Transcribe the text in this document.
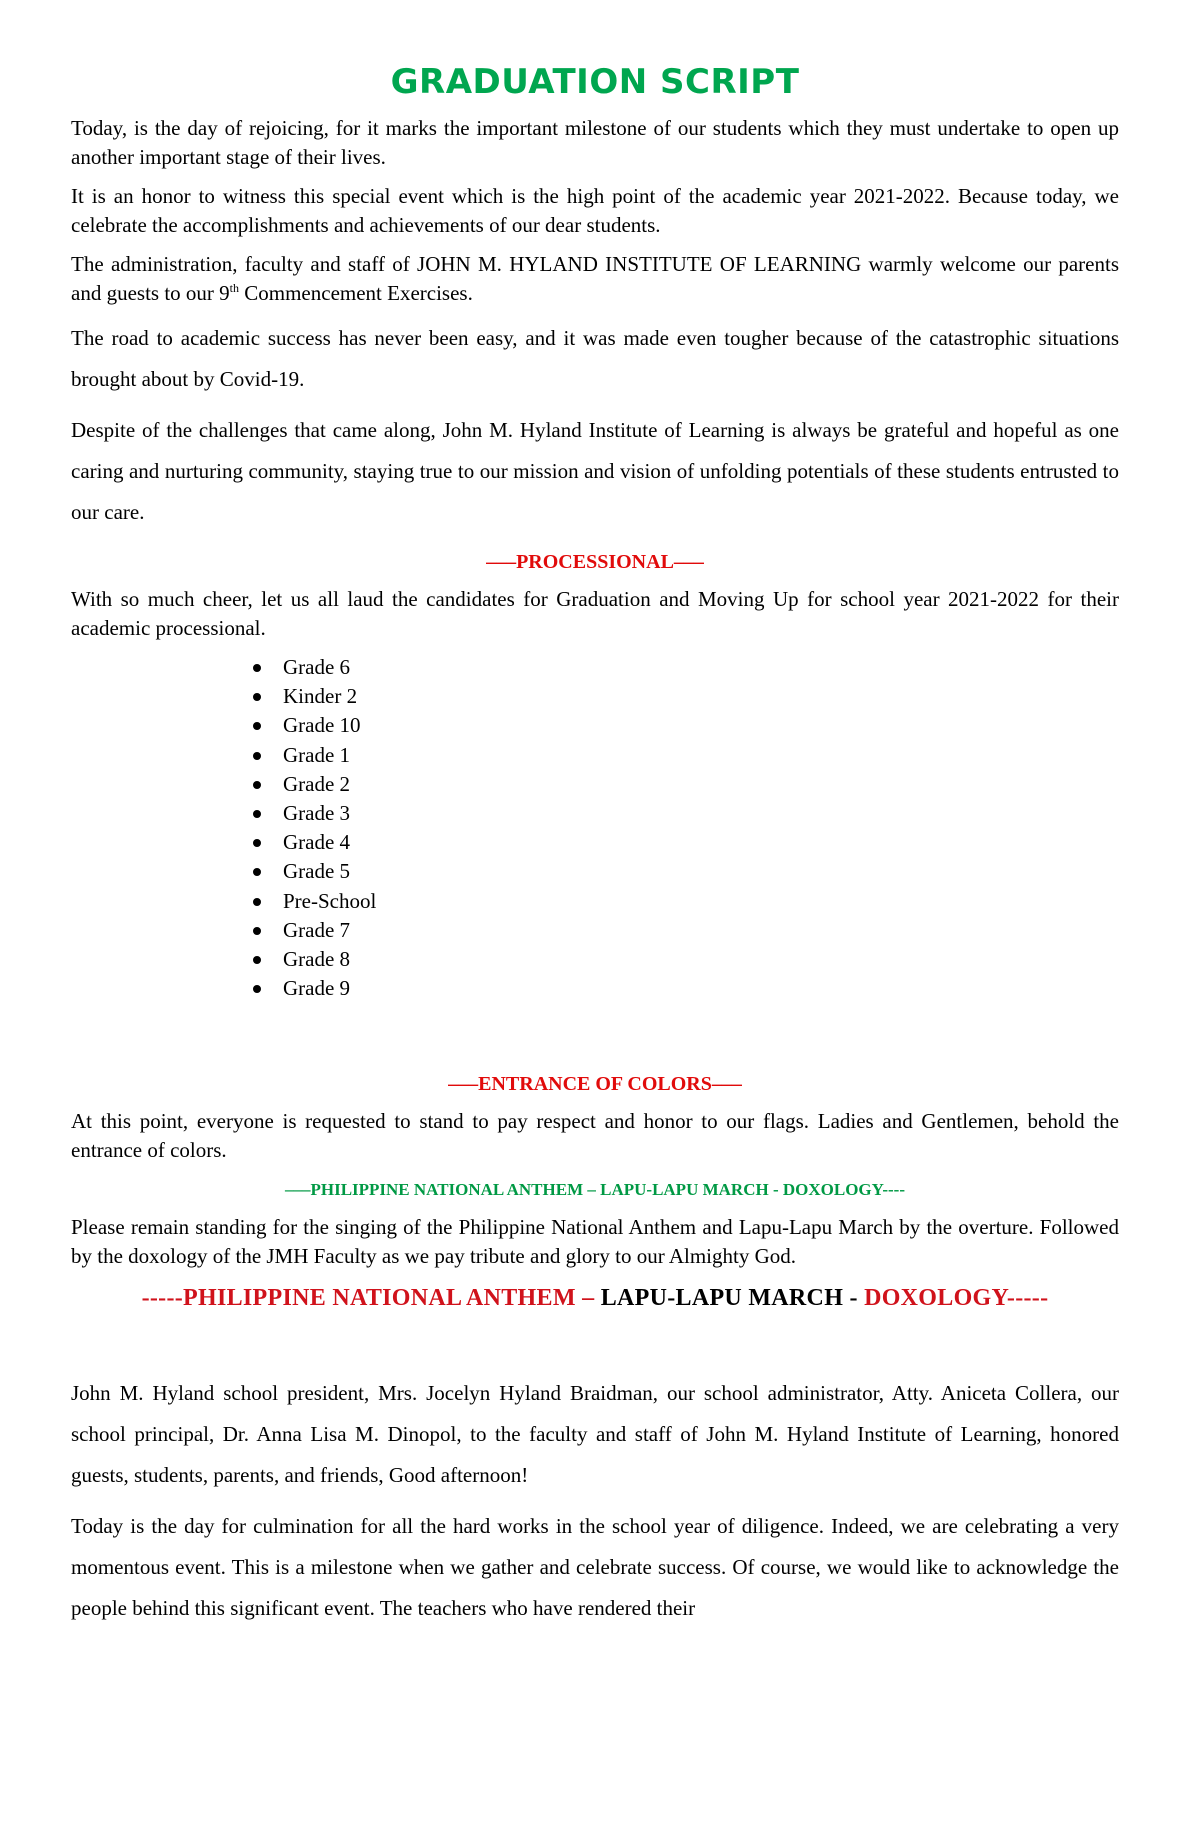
GRADUATION SCRIPT

Today, is the day of rejoicing, for it marks the important milestone of our students which they must undertake to open up another important stage of their lives.

It is an honor to witness this special event which is the high point of the academic year 2021-2022. Because today, we celebrate the accomplishments and achievements of our dear students.

The administration, faculty and staff of JOHN M. HYLAND INSTITUTE OF LEARNING warmly welcome our parents and guests to our 9th Commencement Exercises.

The road to academic success has never been easy, and it was made even tougher because of the catastrophic situations brought about by Covid-19.

Despite of the challenges that came along, John M. Hyland Institute of Learning is always be grateful and hopeful as one caring and nurturing community, staying true to our mission and vision of unfolding potentials of these students entrusted to our care.

–––PROCESSIONAL–––

With so much cheer, let us all laud the candidates for Graduation and Moving Up for school year 2021-2022 for their academic processional.

Grade 6
Kinder 2
Grade 10
Grade 1
Grade 2
Grade 3
Grade 4
Grade 5
Pre-School
Grade 7
Grade 8
Grade 9
–––ENTRANCE OF COLORS–––

At this point, everyone is requested to stand to pay respect and honor to our flags. Ladies and Gentlemen, behold the entrance of colors.

–––PHILIPPINE NATIONAL ANTHEM – LAPU-LAPU MARCH - DOXOLOGY----

Please remain standing for the singing of the Philippine National Anthem and Lapu-Lapu March by the overture. Followed by the doxology of the JMH Faculty as we pay tribute and glory to our Almighty God.

-----PHILIPPINE NATIONAL ANTHEM – LAPU-LAPU MARCH - DOXOLOGY-----

John M. Hyland school president, Mrs. Jocelyn Hyland Braidman, our school administrator, Atty. Aniceta Collera, our school principal, Dr. Anna Lisa M. Dinopol, to the faculty and staff of John M. Hyland Institute of Learning, honored guests, students, parents, and friends, Good afternoon!

Today is the day for culmination for all the hard works in the school year of diligence. Indeed, we are celebrating a very momentous event. This is a milestone when we gather and celebrate success. Of course, we would like to acknowledge the people behind this significant event. The teachers who have rendered their
